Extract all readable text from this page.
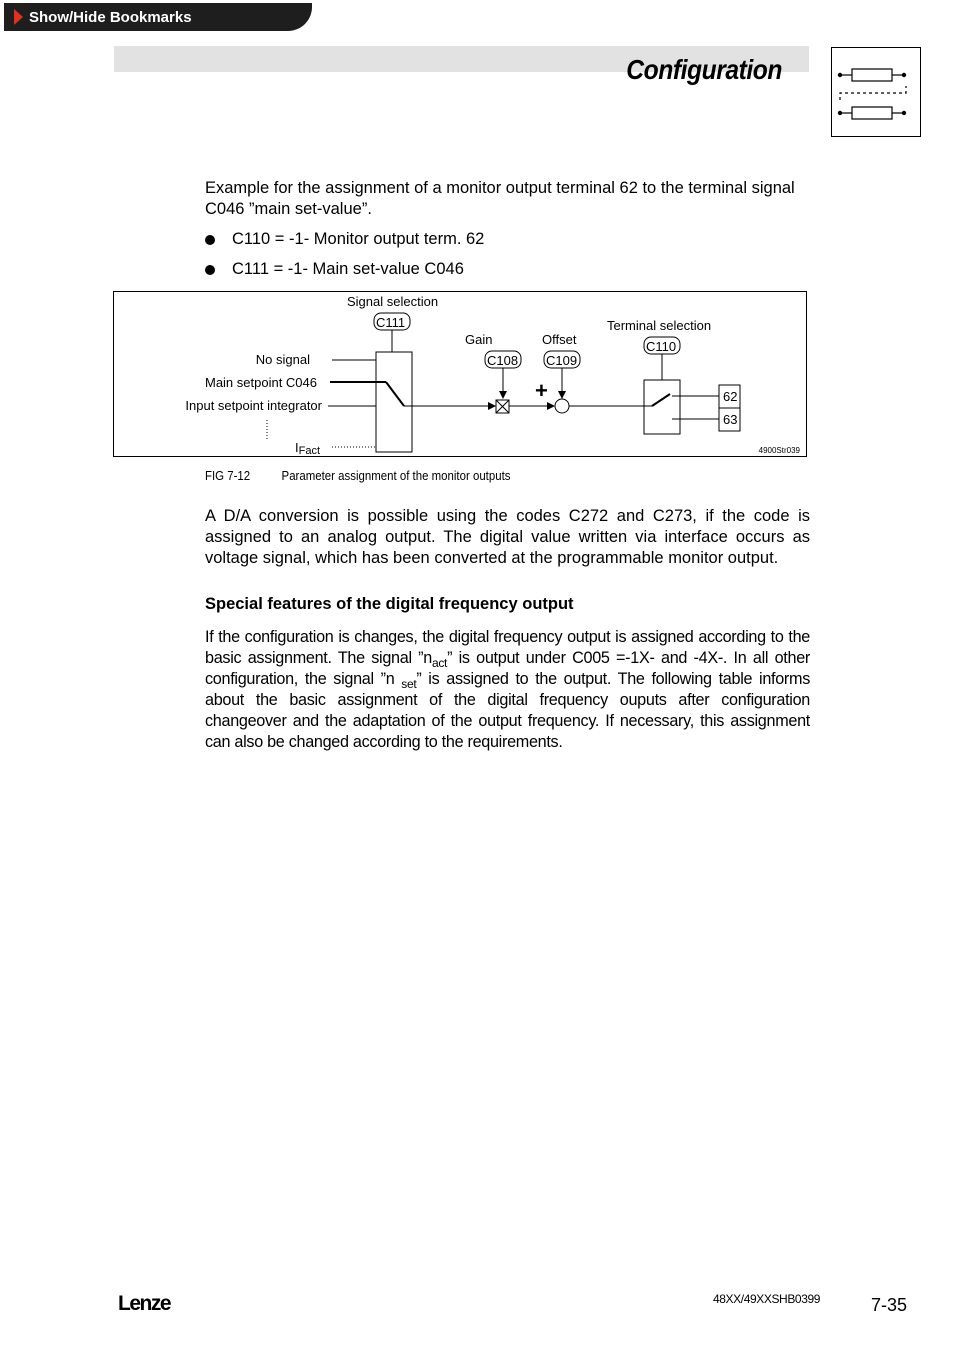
Show/Hide Bookmarks
Configuration

Example for the assignment of a monitor output terminal 62 to the terminal signal C046 ”main set-value”.

C110 = -1- Monitor output term. 62
C111 = -1- Main set-value C046
Signal selection
C111
Gain
C108
Offset
C109
Terminal selection
C110
No signal
Main setpoint C046
Input setpoint integrator
IFact
+	62
63
4900Str039
FIG 7-12	Parameter assignment of the monitor outputs

A D/A conversion is possible using the codes C272 and C273, if the code is assigned to an analog output. The digital value written via interface occurs as voltage signal, which has been converted at the programmable monitor output.

Special features of the digital frequency output

If the configuration is changes, the digital frequency output is assigned according to the basic assignment. The signal $”n_{act}$” is output under C005 =-1X- and -4X-. In all other configuration, the signal ”n $_{set}$” is assigned to the output. The following table informs about the basic assignment of the digital frequency ouputs after configuration changeover and the adaptation of the output frequency. If necessary, this assignment can also be changed according to the requirements.

Lenze	48XX/49XXSHB0399	7-35
